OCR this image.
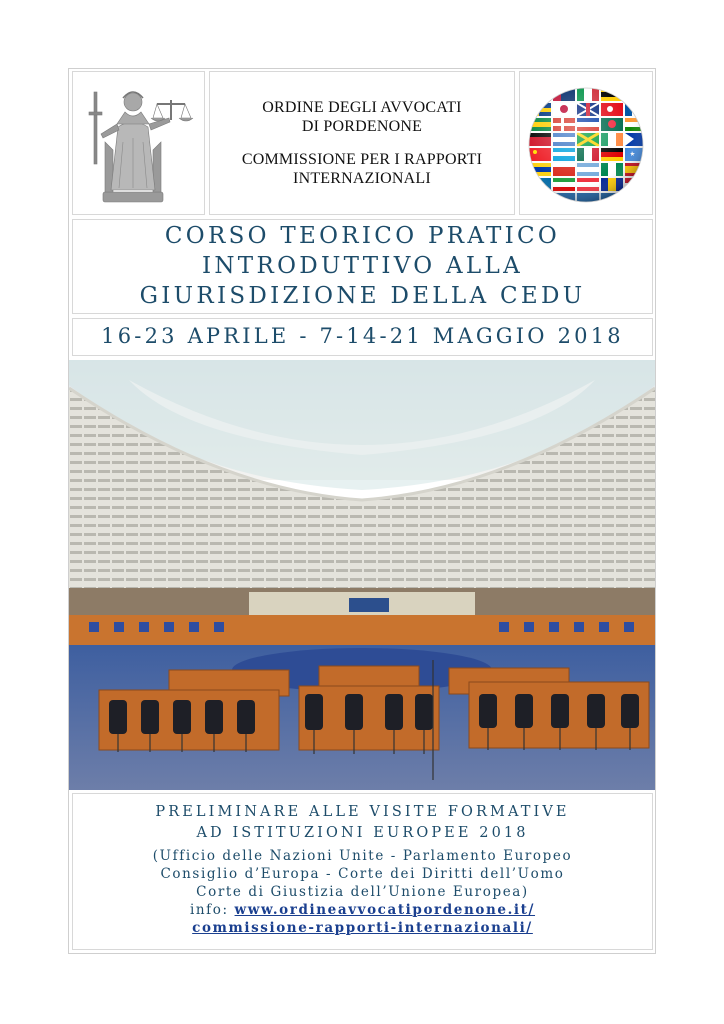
ORDINE DEGLI AVVOCATI
DI PORDENONE
COMMISSIONE PER I RAPPORTI
INTERNAZIONALI
CORSO TEORICO PRATICO
INTRODUTTIVO ALLA
GIURISDIZIONE DELLA CEDU
16-23 APRILE - 7-14-21 MAGGIO 2018
PRELIMINARE ALLE VISITE FORMATIVE
AD ISTITUZIONI EUROPEE 2018
(Ufficio delle Nazioni Unite - Parlamento Europeo
Consiglio d’Europa - Corte dei Diritti dell’Uomo
Corte di Giustizia dell’Unione Europea)
info: www.ordineavvocatipordenone.it/
commissione-rapporti-internazionali/
